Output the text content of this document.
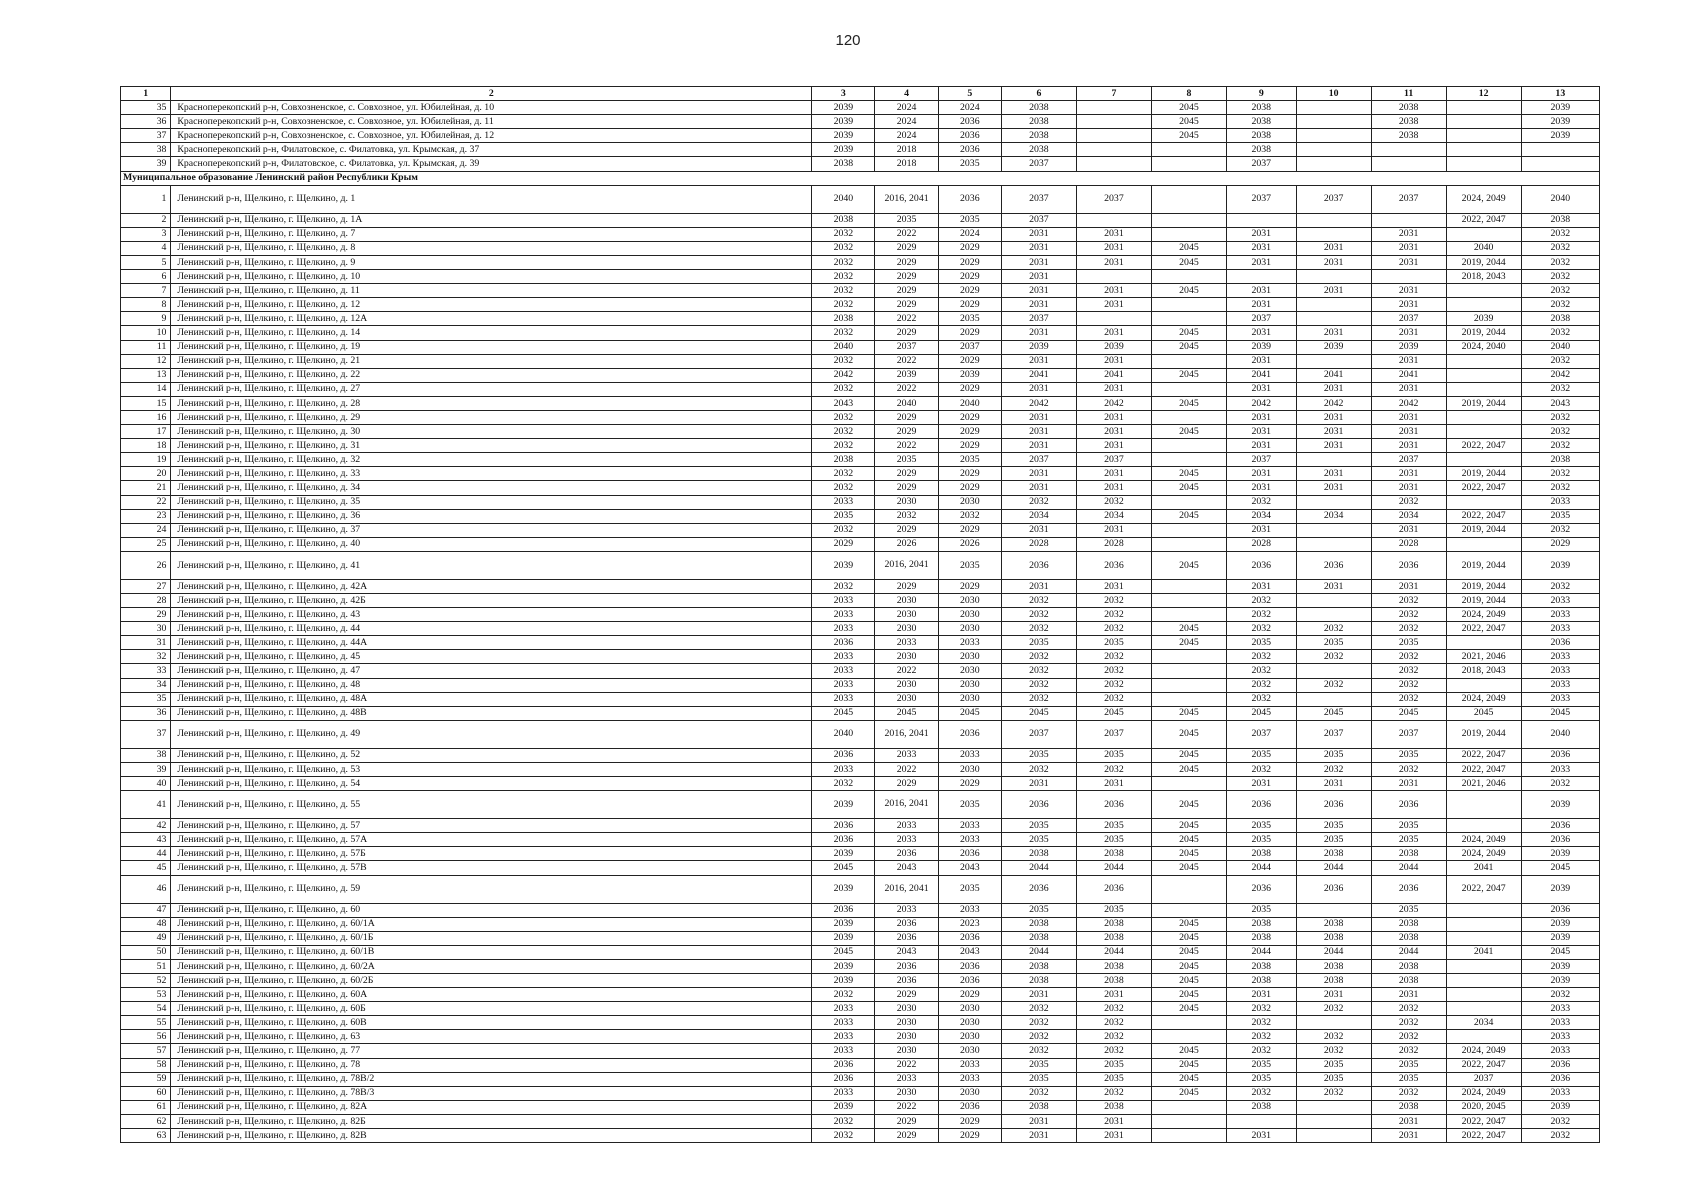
120
1	2	3	4	5	6	7	8	9	10	11	12	13
35	Красноперекопский р-н, Совхозненское, с. Совхозное, ул. Юбилейная, д. 10	2039	2024	2024	2038		2045	2038		2038		2039
36	Красноперекопский р-н, Совхозненское, с. Совхозное, ул. Юбилейная, д. 11	2039	2024	2036	2038		2045	2038		2038		2039
37	Красноперекопский р-н, Совхозненское, с. Совхозное, ул. Юбилейная, д. 12	2039	2024	2036	2038		2045	2038		2038		2039
38	Красноперекопский р-н, Филатовское, с. Филатовка, ул. Крымская, д. 37	2039	2018	2036	2038			2038				
39	Красноперекопский р-н, Филатовское, с. Филатовка, ул. Крымская, д. 39	2038	2018	2035	2037			2037				
Муниципальное образование Ленинский район Республики Крым												
1	Ленинский р-н, Щелкино, г. Щелкино, д. 1	2040	2016, 2041	2036	2037	2037		2037	2037	2037	2024, 2049	2040
2	Ленинский р-н, Щелкино, г. Щелкино, д. 1А	2038	2035	2035	2037						2022, 2047	2038
3	Ленинский р-н, Щелкино, г. Щелкино, д. 7	2032	2022	2024	2031	2031		2031		2031		2032
4	Ленинский р-н, Щелкино, г. Щелкино, д. 8	2032	2029	2029	2031	2031	2045	2031	2031	2031	2040	2032
5	Ленинский р-н, Щелкино, г. Щелкино, д. 9	2032	2029	2029	2031	2031	2045	2031	2031	2031	2019, 2044	2032
6	Ленинский р-н, Щелкино, г. Щелкино, д. 10	2032	2029	2029	2031						2018, 2043	2032
7	Ленинский р-н, Щелкино, г. Щелкино, д. 11	2032	2029	2029	2031	2031	2045	2031	2031	2031		2032
8	Ленинский р-н, Щелкино, г. Щелкино, д. 12	2032	2029	2029	2031	2031		2031		2031		2032
9	Ленинский р-н, Щелкино, г. Щелкино, д. 12А	2038	2022	2035	2037			2037		2037	2039	2038
10	Ленинский р-н, Щелкино, г. Щелкино, д. 14	2032	2029	2029	2031	2031	2045	2031	2031	2031	2019, 2044	2032
11	Ленинский р-н, Щелкино, г. Щелкино, д. 19	2040	2037	2037	2039	2039	2045	2039	2039	2039	2024, 2040	2040
12	Ленинский р-н, Щелкино, г. Щелкино, д. 21	2032	2022	2029	2031	2031		2031		2031		2032
13	Ленинский р-н, Щелкино, г. Щелкино, д. 22	2042	2039	2039	2041	2041	2045	2041	2041	2041		2042
14	Ленинский р-н, Щелкино, г. Щелкино, д. 27	2032	2022	2029	2031	2031		2031	2031	2031		2032
15	Ленинский р-н, Щелкино, г. Щелкино, д. 28	2043	2040	2040	2042	2042	2045	2042	2042	2042	2019, 2044	2043
16	Ленинский р-н, Щелкино, г. Щелкино, д. 29	2032	2029	2029	2031	2031		2031	2031	2031		2032
17	Ленинский р-н, Щелкино, г. Щелкино, д. 30	2032	2029	2029	2031	2031	2045	2031	2031	2031		2032
18	Ленинский р-н, Щелкино, г. Щелкино, д. 31	2032	2022	2029	2031	2031		2031	2031	2031	2022, 2047	2032
19	Ленинский р-н, Щелкино, г. Щелкино, д. 32	2038	2035	2035	2037	2037		2037		2037		2038
20	Ленинский р-н, Щелкино, г. Щелкино, д. 33	2032	2029	2029	2031	2031	2045	2031	2031	2031	2019, 2044	2032
21	Ленинский р-н, Щелкино, г. Щелкино, д. 34	2032	2029	2029	2031	2031	2045	2031	2031	2031	2022, 2047	2032
22	Ленинский р-н, Щелкино, г. Щелкино, д. 35	2033	2030	2030	2032	2032		2032		2032		2033
23	Ленинский р-н, Щелкино, г. Щелкино, д. 36	2035	2032	2032	2034	2034	2045	2034	2034	2034	2022, 2047	2035
24	Ленинский р-н, Щелкино, г. Щелкино, д. 37	2032	2029	2029	2031	2031		2031		2031	2019, 2044	2032
25	Ленинский р-н, Щелкино, г. Щелкино, д. 40	2029	2026	2026	2028	2028		2028		2028		2029
26	Ленинский р-н, Щелкино, г. Щелкино, д. 41	2039	2016, 2041	2035	2036	2036	2045	2036	2036	2036	2019, 2044	2039
27	Ленинский р-н, Щелкино, г. Щелкино, д. 42А	2032	2029	2029	2031	2031		2031	2031	2031	2019, 2044	2032
28	Ленинский р-н, Щелкино, г. Щелкино, д. 42Б	2033	2030	2030	2032	2032		2032		2032	2019, 2044	2033
29	Ленинский р-н, Щелкино, г. Щелкино, д. 43	2033	2030	2030	2032	2032		2032		2032	2024, 2049	2033
30	Ленинский р-н, Щелкино, г. Щелкино, д. 44	2033	2030	2030	2032	2032	2045	2032	2032	2032	2022, 2047	2033
31	Ленинский р-н, Щелкино, г. Щелкино, д. 44А	2036	2033	2033	2035	2035	2045	2035	2035	2035		2036
32	Ленинский р-н, Щелкино, г. Щелкино, д. 45	2033	2030	2030	2032	2032		2032	2032	2032	2021, 2046	2033
33	Ленинский р-н, Щелкино, г. Щелкино, д. 47	2033	2022	2030	2032	2032		2032		2032	2018, 2043	2033
34	Ленинский р-н, Щелкино, г. Щелкино, д. 48	2033	2030	2030	2032	2032		2032	2032	2032		2033
35	Ленинский р-н, Щелкино, г. Щелкино, д. 48А	2033	2030	2030	2032	2032		2032		2032	2024, 2049	2033
36	Ленинский р-н, Щелкино, г. Щелкино, д. 48В	2045	2045	2045	2045	2045	2045	2045	2045	2045	2045	2045
37	Ленинский р-н, Щелкино, г. Щелкино, д. 49	2040	2016, 2041	2036	2037	2037	2045	2037	2037	2037	2019, 2044	2040
38	Ленинский р-н, Щелкино, г. Щелкино, д. 52	2036	2033	2033	2035	2035	2045	2035	2035	2035	2022, 2047	2036
39	Ленинский р-н, Щелкино, г. Щелкино, д. 53	2033	2022	2030	2032	2032	2045	2032	2032	2032	2022, 2047	2033
40	Ленинский р-н, Щелкино, г. Щелкино, д. 54	2032	2029	2029	2031	2031		2031	2031	2031	2021, 2046	2032
41	Ленинский р-н, Щелкино, г. Щелкино, д. 55	2039	2016, 2041	2035	2036	2036	2045	2036	2036	2036		2039
42	Ленинский р-н, Щелкино, г. Щелкино, д. 57	2036	2033	2033	2035	2035	2045	2035	2035	2035		2036
43	Ленинский р-н, Щелкино, г. Щелкино, д. 57А	2036	2033	2033	2035	2035	2045	2035	2035	2035	2024, 2049	2036
44	Ленинский р-н, Щелкино, г. Щелкино, д. 57Б	2039	2036	2036	2038	2038	2045	2038	2038	2038	2024, 2049	2039
45	Ленинский р-н, Щелкино, г. Щелкино, д. 57В	2045	2043	2043	2044	2044	2045	2044	2044	2044	2041	2045
46	Ленинский р-н, Щелкино, г. Щелкино, д. 59	2039	2016, 2041	2035	2036	2036		2036	2036	2036	2022, 2047	2039
47	Ленинский р-н, Щелкино, г. Щелкино, д. 60	2036	2033	2033	2035	2035		2035		2035		2036
48	Ленинский р-н, Щелкино, г. Щелкино, д. 60/1А	2039	2036	2023	2038	2038	2045	2038	2038	2038		2039
49	Ленинский р-н, Щелкино, г. Щелкино, д. 60/1Б	2039	2036	2036	2038	2038	2045	2038	2038	2038		2039
50	Ленинский р-н, Щелкино, г. Щелкино, д. 60/1В	2045	2043	2043	2044	2044	2045	2044	2044	2044	2041	2045
51	Ленинский р-н, Щелкино, г. Щелкино, д. 60/2А	2039	2036	2036	2038	2038	2045	2038	2038	2038		2039
52	Ленинский р-н, Щелкино, г. Щелкино, д. 60/2Б	2039	2036	2036	2038	2038	2045	2038	2038	2038		2039
53	Ленинский р-н, Щелкино, г. Щелкино, д. 60А	2032	2029	2029	2031	2031	2045	2031	2031	2031		2032
54	Ленинский р-н, Щелкино, г. Щелкино, д. 60Б	2033	2030	2030	2032	2032	2045	2032	2032	2032		2033
55	Ленинский р-н, Щелкино, г. Щелкино, д. 60В	2033	2030	2030	2032	2032		2032		2032	2034	2033
56	Ленинский р-н, Щелкино, г. Щелкино, д. 63	2033	2030	2030	2032	2032		2032	2032	2032		2033
57	Ленинский р-н, Щелкино, г. Щелкино, д. 77	2033	2030	2030	2032	2032	2045	2032	2032	2032	2024, 2049	2033
58	Ленинский р-н, Щелкино, г. Щелкино, д. 78	2036	2022	2033	2035	2035	2045	2035	2035	2035	2022, 2047	2036
59	Ленинский р-н, Щелкино, г. Щелкино, д. 78В/2	2036	2033	2033	2035	2035	2045	2035	2035	2035	2037	2036
60	Ленинский р-н, Щелкино, г. Щелкино, д. 78В/3	2033	2030	2030	2032	2032	2045	2032	2032	2032	2024, 2049	2033
61	Ленинский р-н, Щелкино, г. Щелкино, д. 82А	2039	2022	2036	2038	2038		2038		2038	2020, 2045	2039
62	Ленинский р-н, Щелкино, г. Щелкино, д. 82Б	2032	2029	2029	2031	2031				2031	2022, 2047	2032
63	Ленинский р-н, Щелкино, г. Щелкино, д. 82В	2032	2029	2029	2031	2031		2031		2031	2022, 2047	2032
